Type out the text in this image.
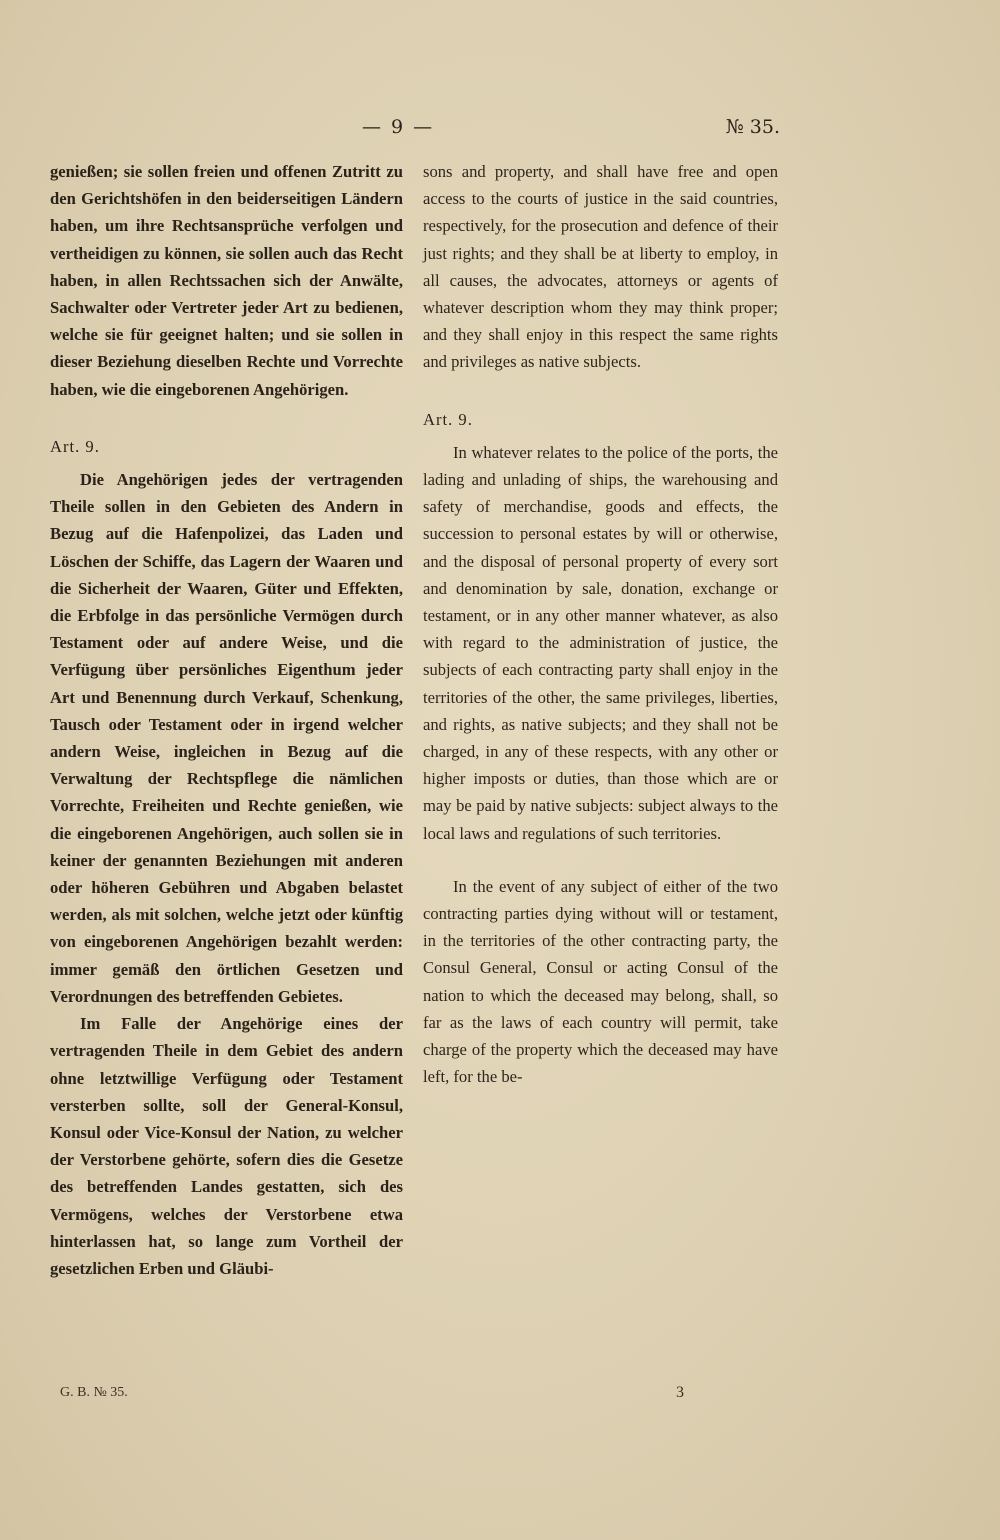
— 9 —	№ 35.

genießen; sie sollen freien und offenen Zutritt zu den Gerichtshöfen in den beiderseitigen Ländern haben, um ihre Rechtsansprüche verfolgen und vertheidigen zu können, sie sollen auch das Recht haben, in allen Rechtssachen sich der Anwälte, Sachwalter oder Vertreter jeder Art zu bedienen, welche sie für geeignet halten; und sie sollen in dieser Beziehung dieselben Rechte und Vorrechte haben, wie die eingeborenen Angehörigen.

Art. 9.

Die Angehörigen jedes der vertragenden Theile sollen in den Gebieten des Andern in Bezug auf die Hafenpolizei, das Laden und Löschen der Schiffe, das Lagern der Waaren und die Sicherheit der Waaren, Güter und Effekten, die Erbfolge in das persönliche Vermögen durch Testament oder auf andere Weise, und die Verfügung über persönliches Eigenthum jeder Art und Benennung durch Verkauf, Schenkung, Tausch oder Testament oder in irgend welcher andern Weise, ingleichen in Bezug auf die Verwaltung der Rechtspflege die nämlichen Vorrechte, Freiheiten und Rechte genießen, wie die eingeborenen Angehörigen, auch sollen sie in keiner der genannten Beziehungen mit anderen oder höheren Gebühren und Abgaben belastet werden, als mit solchen, welche jetzt oder künftig von eingeborenen Angehörigen bezahlt werden: immer gemäß den örtlichen Gesetzen und Verordnungen des betreffenden Gebietes.

Im Falle der Angehörige eines der vertragenden Theile in dem Gebiet des andern ohne letztwillige Verfügung oder Testament versterben sollte, soll der General-Konsul, Konsul oder Vice-Konsul der Nation, zu welcher der Verstorbene gehörte, sofern dies die Gesetze des betreffenden Landes gestatten, sich des Vermögens, welches der Verstorbene etwa hinterlassen hat, so lange zum Vortheil der gesetzlichen Erben und Gläubi-

sons and property, and shall have free and open access to the courts of justice in the said countries, respectively, for the prosecution and defence of their just rights; and they shall be at liberty to employ, in all causes, the advocates, attorneys or agents of whatever description whom they may think proper; and they shall enjoy in this respect the same rights and privileges as native subjects.

Art. 9.

In whatever relates to the police of the ports, the lading and unlading of ships, the warehousing and safety of merchandise, goods and effects, the succession to personal estates by will or otherwise, and the disposal of personal property of every sort and denomination by sale, donation, exchange or testament, or in any other manner whatever, as also with regard to the administration of justice, the subjects of each contracting party shall enjoy in the territories of the other, the same privileges, liberties, and rights, as native subjects; and they shall not be charged, in any of these respects, with any other or higher imposts or duties, than those which are or may be paid by native subjects: subject always to the local laws and regulations of such territories.

In the event of any subject of either of the two contracting parties dying without will or testament, in the territories of the other contracting party, the Consul General, Consul or acting Consul of the nation to which the deceased may belong, shall, so far as the laws of each country will permit, take charge of the property which the deceased may have left, for the be-

G. B. № 35.	3
